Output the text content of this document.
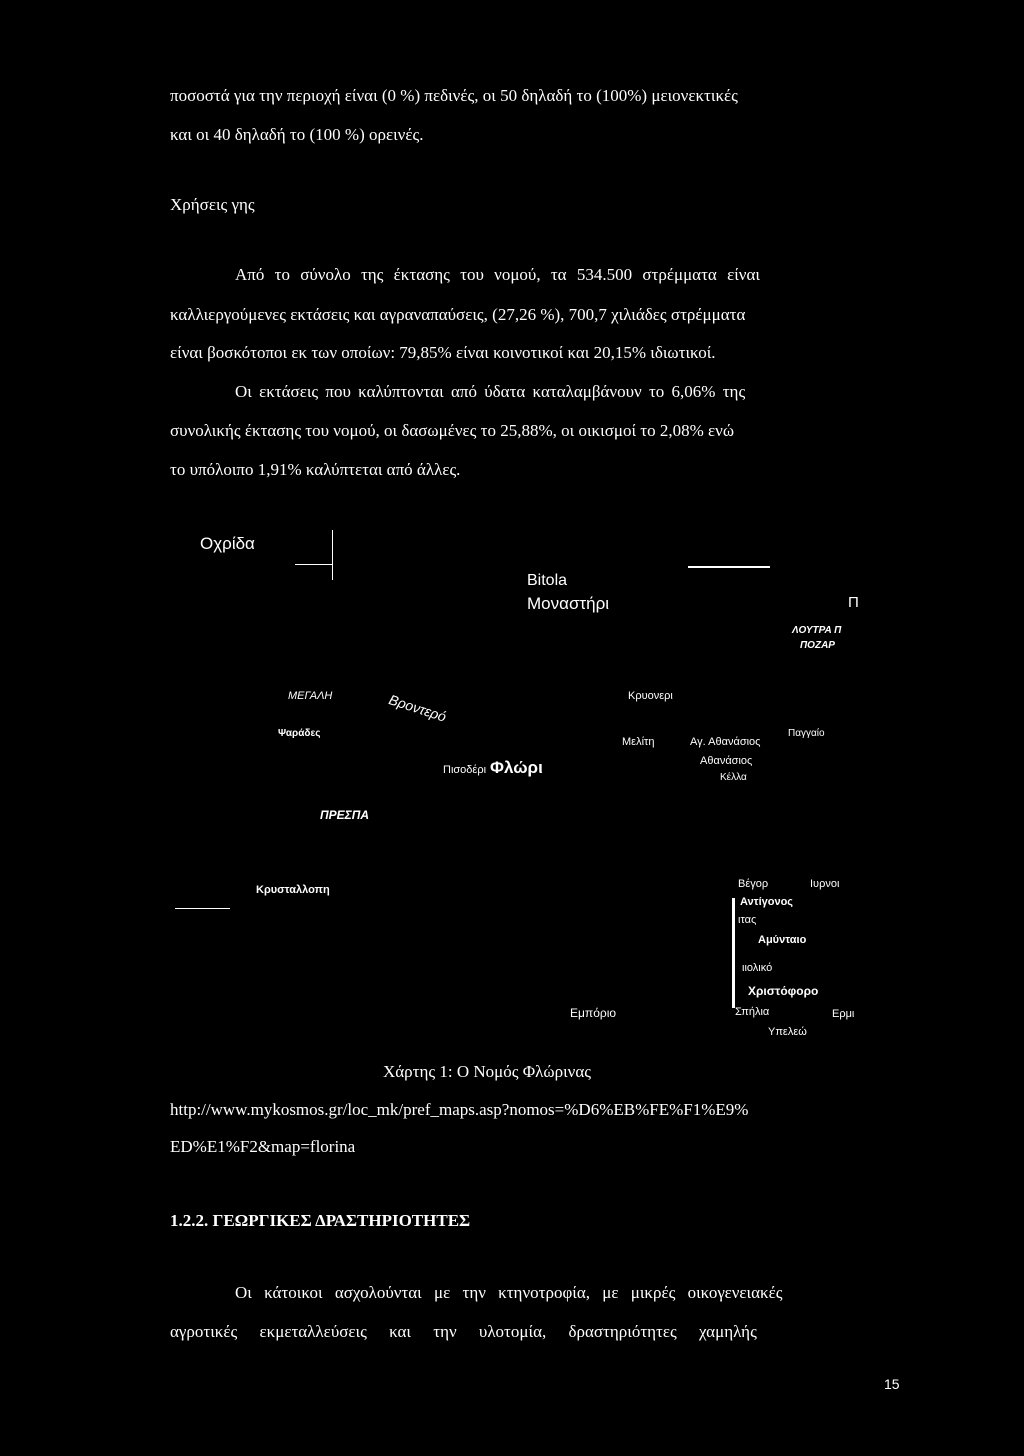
ποσοστά για την περιοχή είναι (0 %) πεδινές, οι 50 δηλαδή το (100%) μειονεκτικές
και οι 40 δηλαδή το (100 %) ορεινές.
Χρήσεις γης
Από το σύνολο της έκτασης του νομού, τα 534.500 στρέμματα είναι
καλλιεργούμενες εκτάσεις και αγραναπαύσεις, (27,26 %), 700,7 χιλιάδες στρέμματα
είναι βοσκότοποι εκ των οποίων: 79,85% είναι κοινοτικοί και 20,15% ιδιωτικοί.
Οι εκτάσεις που καλύπτονται από ύδατα καταλαμβάνουν το 6,06% της
συνολικής έκτασης του νομού, οι δασωμένες το 25,88%, οι οικισμοί το 2,08% ενώ
το υπόλοιπο 1,91% καλύπτεται από άλλες.
Οχρίδα
Bitola
Μοναστήρι	Π
ΛΟΥΤΡΑ Π
ΠΟΖΑΡ
ΜΕΓΑΛΗ
Ψαράδες
Βροντερό	Κρυονερι
Μελίτη	Αγ. Αθανάσιος
Παγγαίο
Αθανάσιος
Κέλλα
Πισοδέρι Φλώρι
ΠΡΕΣΠΑ
Κρυσταλλοπη	Βέγορ	Ιυρνοι
Αντίγονος
ιτας
Αμύνταιο
ιιολικό
Χριστόφορο
Εμπόριο	Σπήλια	Ερμι
Υπελεώ
Χάρτης 1: Ο Νομός Φλώρινας
http://www.mykosmos.gr/loc_mk/pref_maps.asp?nomos=%D6%EB%FE%F1%E9%
ED%E1%F2&map=florina
1.2.2. ΓΕΩΡΓΙΚΕΣ ΔΡΑΣΤΗΡΙΟΤΗΤΕΣ
Οι κάτοικοι ασχολούνται με την κτηνοτροφία, με μικρές οικογενειακές
αγροτικές εκμεταλλεύσεις και την υλοτομία, δραστηριότητες χαμηλής
15
